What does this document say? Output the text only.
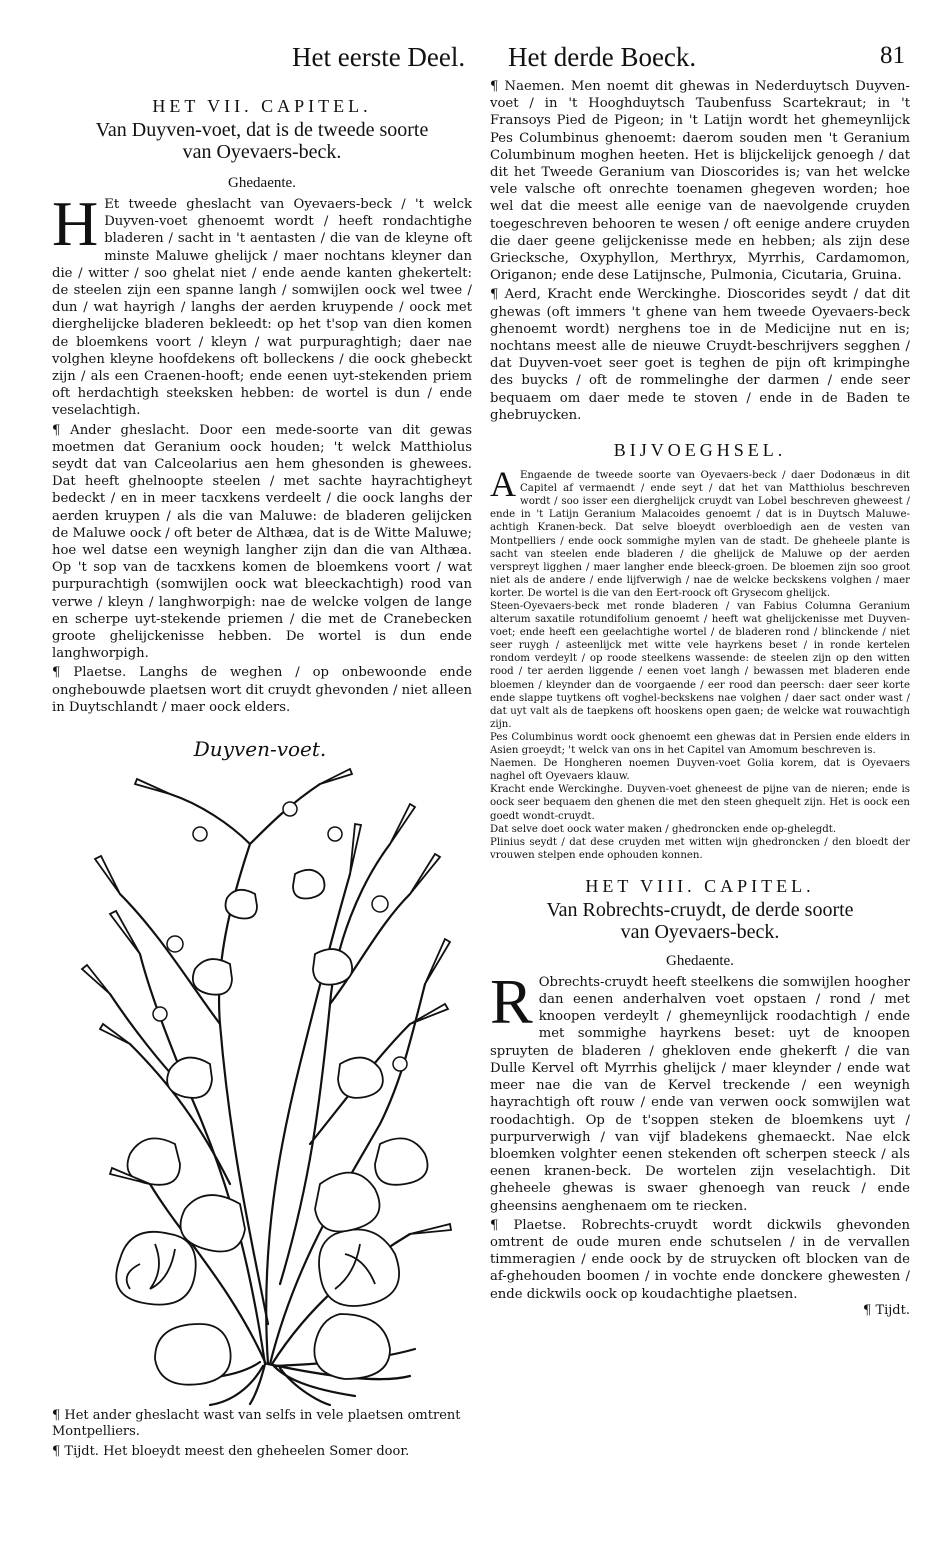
Het eerste Deel. Het derde Boeck.	81
HET VII. CAPITEL.
Van Duyven-voet, dat is de tweede soorte van Oyevaers-beck.
Ghedaente.

H Et tweede gheslacht van Oyevaers-beck / 't welck Duyven-voet ghenoemt wordt / heeft rondachtighe bladeren / sacht in 't aentasten / die van de kleyne oft minste Maluwe ghelijck / maer nochtans kleyner dan die / witter / soo ghelat niet / ende aende kanten ghekertelt: de steelen zijn een spanne langh / somwijlen oock wel twee / dun / wat hayrigh / langhs der aerden kruypende / oock met dierghelijcke bladeren bekleedt: op het t'sop van dien komen de bloemkens voort / kleyn / wat purpuraghtigh; daer nae volghen kleyne hoofdekens oft bolleckens / die oock ghebeckt zijn / als een Craenen-hooft; ende eenen uyt-stekenden priem oft herdachtigh steeksken hebben: de wortel is dun / ende veselachtigh.

¶ Ander gheslacht. Door een mede-soorte van dit gewas moetmen dat Geranium oock houden; 't welck Matthiolus seydt dat van Calceolarius aen hem ghesonden is ghewees. Dat heeft ghelnoopte steelen / met sachte hayrachtigheyt bedeckt / en in meer tacxkens verdeelt / die oock langhs der aerden kruypen / als die van Maluwe: de bladeren gelijcken de Maluwe oock / oft beter de Althæa, dat is de Witte Maluwe; hoe wel datse een weynigh langher zijn dan die van Althæa. Op 't sop van de tacxkens komen de bloemkens voort / wat purpurachtigh (somwijlen oock wat bleeckachtigh) rood van verwe / kleyn / langhworpigh: nae de welcke volgen de lange en scherpe uyt-stekende priemen / die met de Cranebecken groote ghelijckenisse hebben. De wortel is dun ende langhworpigh.

¶ Plaetse. Langhs de weghen / op onbewoonde ende onghebouwde plaetsen wort dit cruydt ghevonden / niet alleen in Duytschlandt / maer oock elders.

Duyven-voet.

¶ Het ander gheslacht wast van selfs in vele plaetsen omtrent Montpelliers.

¶ Tijdt. Het bloeydt meest den gheheelen Somer door.

¶ Naemen. Men noemt dit ghewas in Nederduytsch Duyven-voet / in 't Hooghduytsch Taubenfuss Scartekraut; in 't Fransoys Pied de Pigeon; in 't Latijn wordt het ghemeynlijck Pes Columbinus ghenoemt: daerom souden men 't Geranium Columbinum moghen heeten. Het is blijckelijck genoegh / dat dit het Tweede Geranium van Dioscorides is; van het welcke vele valsche oft onrechte toenamen ghegeven worden; hoe wel dat die meest alle eenige van de naevolgende cruyden toegeschreven behooren te wesen / oft eenige andere cruyden die daer geene gelijckenisse mede en hebben; als zijn dese Griecksche, Oxyphyllon, Merthryx, Myrrhis, Cardamomon, Origanon; ende dese Latijnsche, Pulmonia, Cicutaria, Gruina.

¶ Aerd, Kracht ende Werckinghe. Dioscorides seydt / dat dit ghewas (oft immers 't ghene van hem tweede Oyevaers-beck ghenoemt wordt) nerghens toe in de Medicijne nut en is; nochtans meest alle de nieuwe Cruydt-beschrijvers segghen / dat Duyven-voet seer goet is teghen de pijn oft krimpinghe des buycks / oft de rommelinghe der darmen / ende seer bequaem om daer mede te stoven / ende in de Baden te ghebruycken.

BIJVOEGHSEL.

A Engaende de tweede soorte van Oyevaers-beck / daer Dodonæus in dit Capitel af vermaendt / ende seyt / dat het van Matthiolus beschreven wordt / soo isser een dierghelijck cruydt van Lobel beschreven gheweest / ende in 't Latijn Geranium Malacoides genoemt / dat is in Duytsch Maluwe-achtigh Kranen-beck. Dat selve bloeydt overbloedigh aen de vesten van Montpelliers / ende oock sommighe mylen van de stadt. De gheheele plante is sacht van steelen ende bladeren / die ghelijck de Maluwe op der aerden verspreyt ligghen / maer langher ende bleeck-groen. De bloemen zijn soo groot niet als de andere / ende lijfverwigh / nae de welcke beckskens volghen / maer korter. De wortel is die van den Eert-roock oft Grysecom ghelijck.

Steen-Oyevaers-beck met ronde bladeren / van Fabius Columna Geranium alterum saxatile rotundifolium genoemt / heeft wat ghelijckenisse met Duyven-voet; ende heeft een geelachtighe wortel / de bladeren rond / blinckende / niet seer ruygh / asteenlijck met witte vele hayrkens beset / in ronde kertelen rondom verdeylt / op roode steelkens wassende: de steelen zijn op den witten rood / ter aerden liggende / eenen voet langh / bewassen met bladeren ende bloemen / kleynder dan de voorgaende / eer rood dan peersch: daer seer korte ende slappe tuytkens oft voghel-beckskens nae volghen / daer sact onder wast / dat uyt valt als de taepkens oft hooskens open gaen; de welcke wat rouwachtigh zijn.

Pes Columbinus wordt oock ghenoemt een ghewas dat in Persien ende elders in Asien groeydt; 't welck van ons in het Capitel van Amomum beschreven is.

Naemen. De Hongheren noemen Duyven-voet Golia korem, dat is Oyevaers naghel oft Oyevaers klauw.

Kracht ende Werckinghe. Duyven-voet gheneest de pijne van de nieren; ende is oock seer bequaem den ghenen die met den steen ghequelt zijn. Het is oock een goedt wondt-cruydt.

Dat selve doet oock water maken / ghedroncken ende op-ghelegdt.

Plinius seydt / dat dese cruyden met witten wijn ghedroncken / den bloedt der vrouwen stelpen ende ophouden konnen.

HET VIII. CAPITEL.
Van Robrechts-cruydt, de derde soorte van Oyevaers-beck.
Ghedaente.

R Obrechts-cruydt heeft steelkens die somwijlen hoogher dan eenen anderhalven voet opstaen / rond / met knoopen verdeylt / ghemeynlijck roodachtigh / ende met sommighe hayrkens beset: uyt de knoopen spruyten de bladeren / ghekloven ende ghekerft / die van Dulle Kervel oft Myrrhis ghelijck / maer kleynder / ende wat meer nae die van de Kervel treckende / een weynigh hayrachtigh oft rouw / ende van verwen oock somwijlen wat roodachtigh. Op de t'soppen steken de bloemkens uyt / purpurverwigh / van vijf bladekens ghemaeckt. Nae elck bloemken volghter eenen stekenden oft scherpen steeck / als eenen kranen-beck. De wortelen zijn veselachtigh. Dit gheheele ghewas is swaer ghenoegh van reuck / ende gheensins aenghenaem om te riecken.

¶ Plaetse. Robrechts-cruydt wordt dickwils ghevonden omtrent de oude muren ende schutselen / in de vervallen timmeragien / ende oock by de struycken oft blocken van de af-ghehouden boomen / in vochte ende donckere ghewesten / ende dickwils oock op koudachtighe plaetsen.

¶ Tijdt.
